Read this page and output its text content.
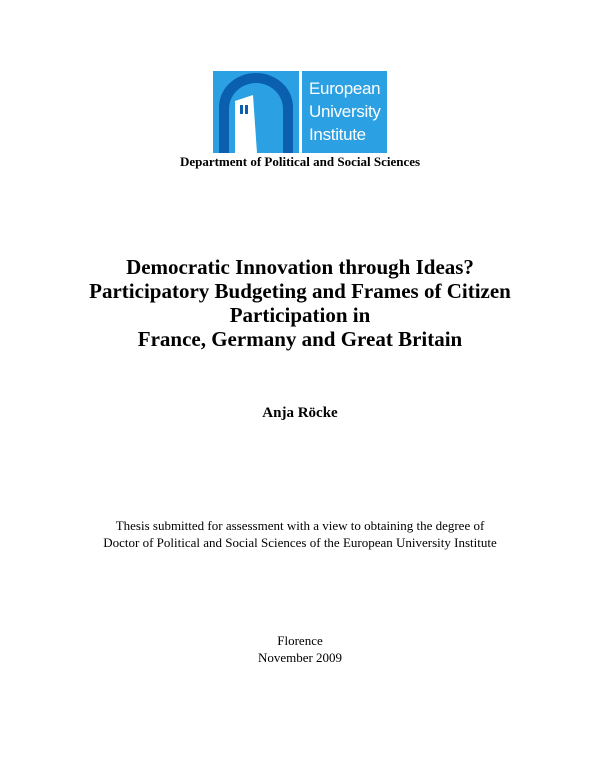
European
University
Institute
Department of Political and Social Sciences
Democratic Innovation through Ideas?
Participatory Budgeting and Frames of Citizen
Participation in
France, Germany and Great Britain
Anja Röcke
Thesis submitted for assessment with a view to obtaining the degree of
Doctor of Political and Social Sciences of the European University Institute
Florence
November 2009
